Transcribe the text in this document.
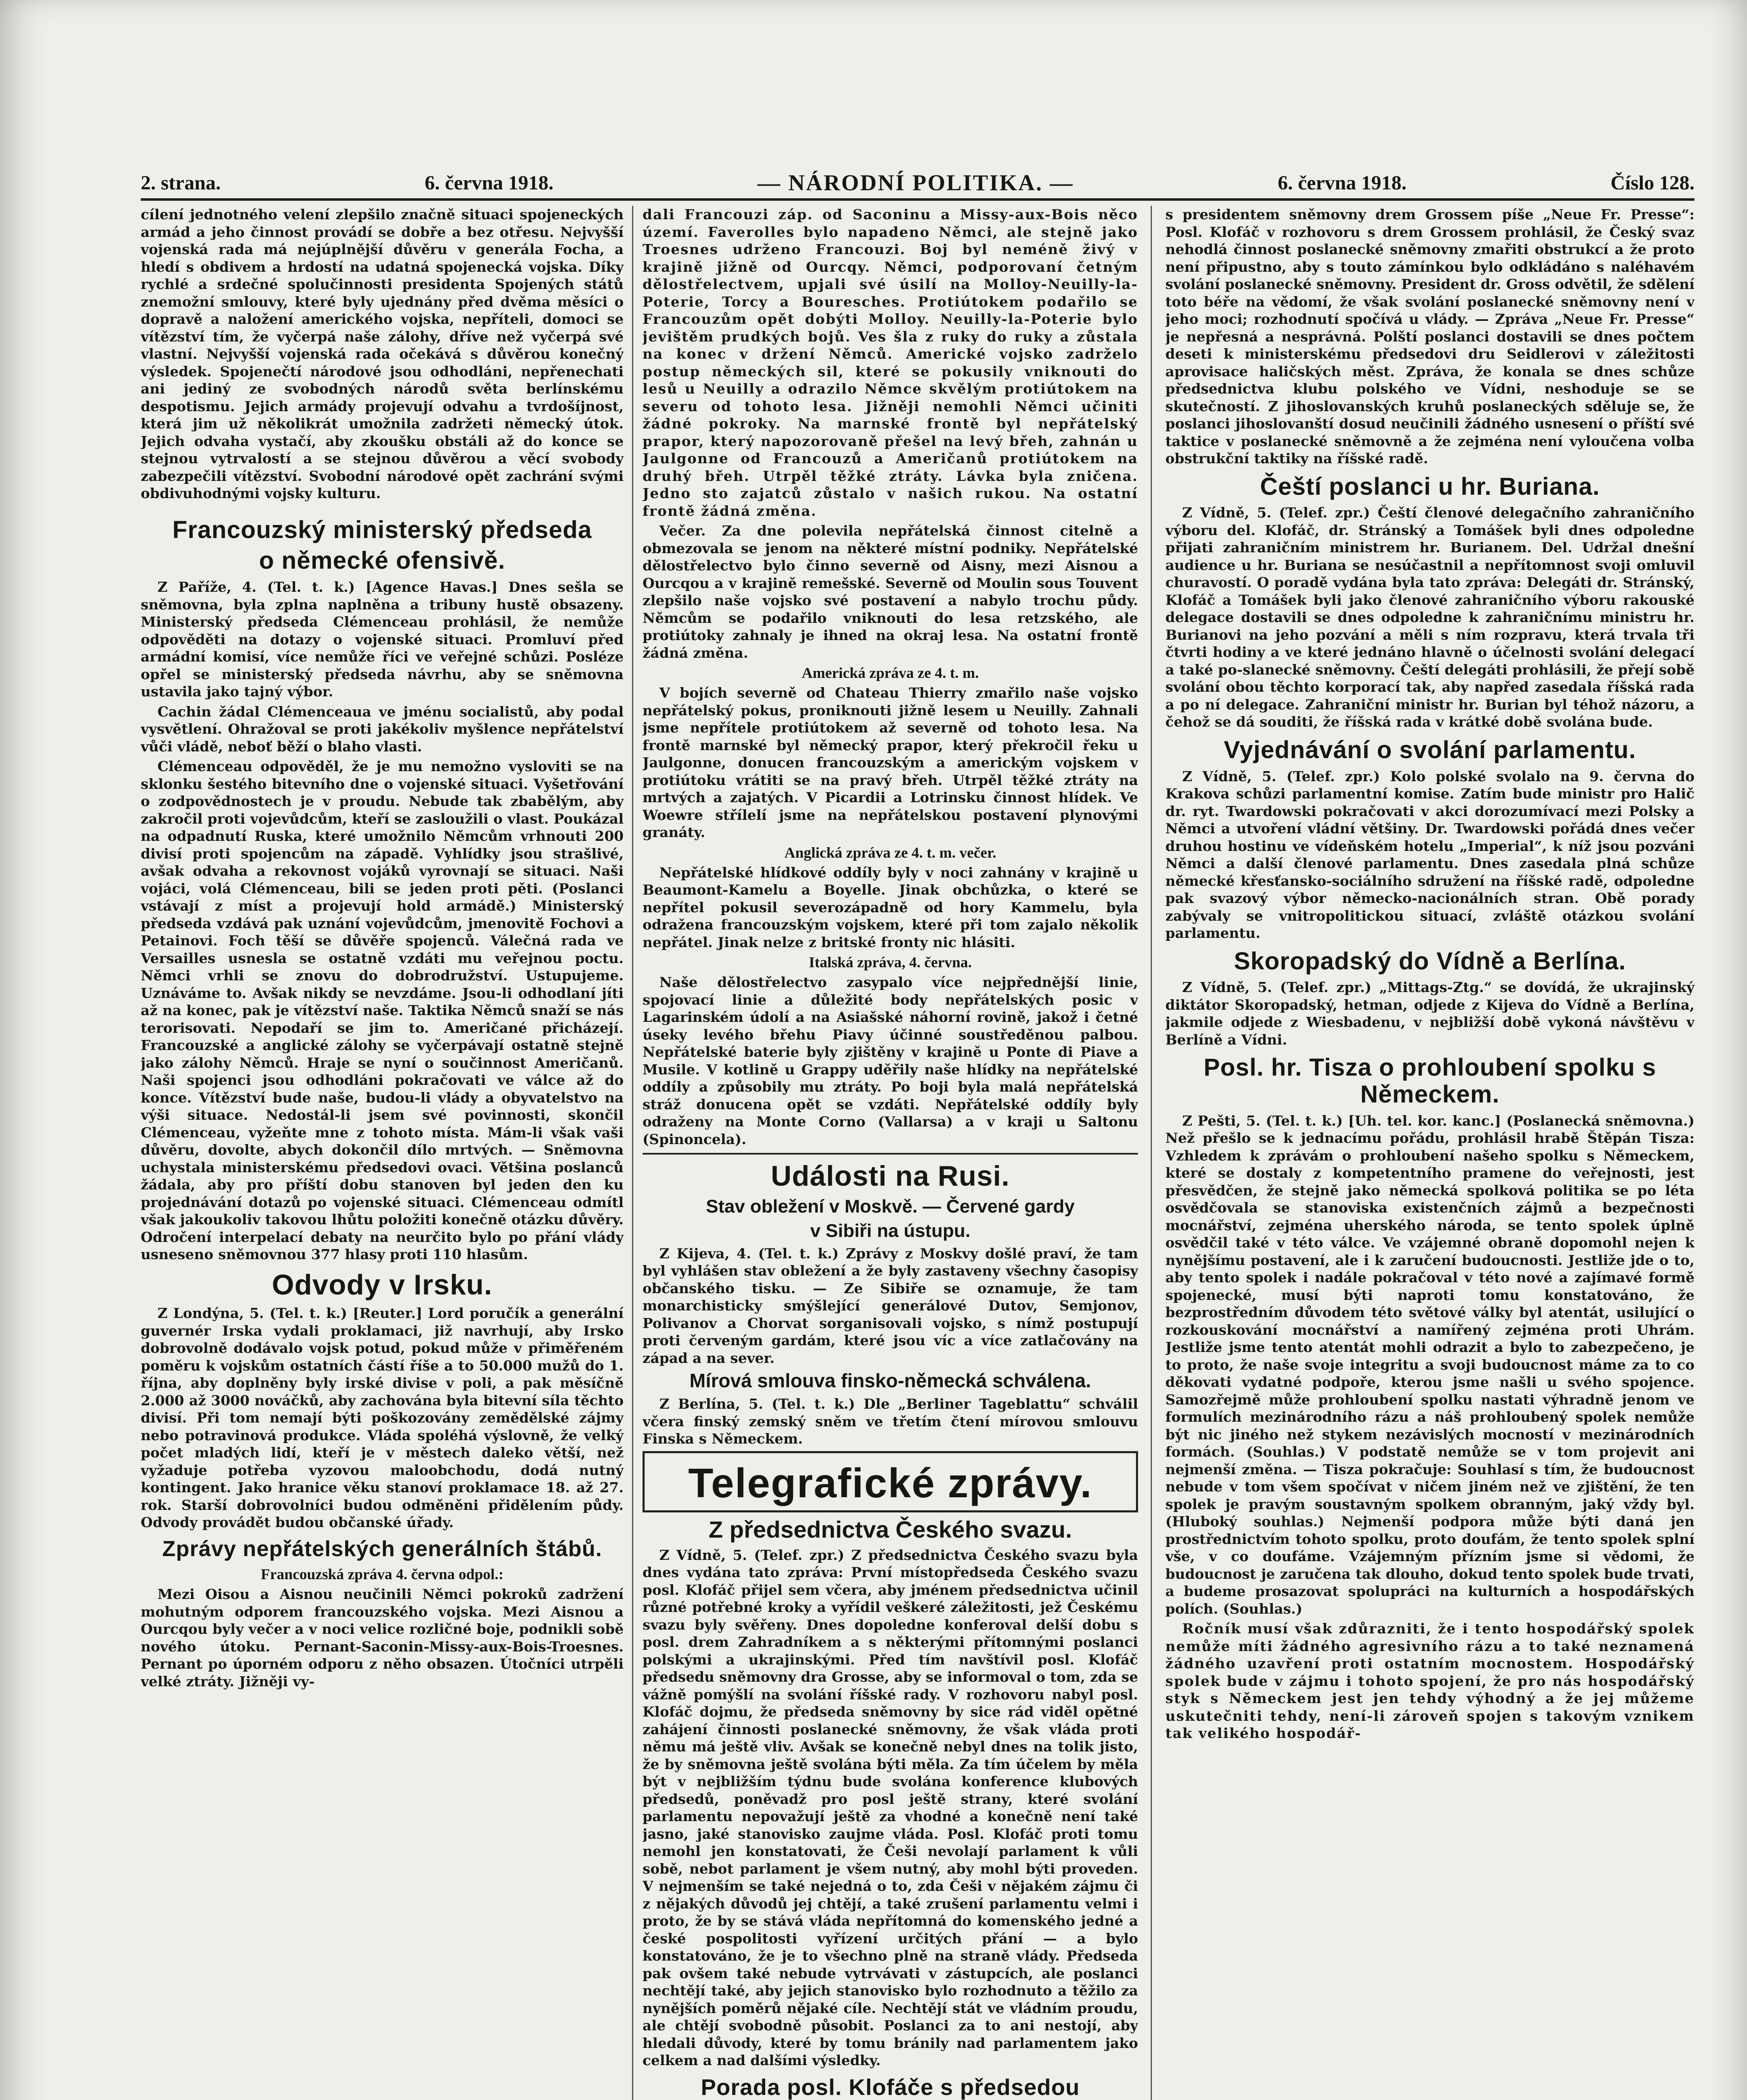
2. strana.	6. června 1918.	— NÁRODNÍ POLITIKA. —	6. června 1918.	Číslo 128.

cílení jednotného velení zlepšilo značně situaci spojeneckých armád a jeho činnost provádí se dobře a bez otřesu. Nejvyšší vojenská rada má nejúplnější důvěru v generála Focha, a hledí s obdivem a hrdostí na udatná spojenecká vojska. Díky rychlé a srdečné spolučinnosti presidenta Spojených států znemožní smlouvy, které byly ujednány před dvěma měsíci o dopravě a naložení amerického vojska, nepříteli, domoci se vítězství tím, že vyčerpá naše zálohy, dříve než vyčerpá své vlastní. Nejvyšší vojenská rada očekává s důvěrou konečný výsledek. Spojenečtí národové jsou odhodláni, nepřenechati ani jediný ze svobodných národů světa berlínskému despotismu. Jejich armády projevují odvahu a tvrdošíjnost, která jim už několikrát umožnila zadržeti německý útok. Jejich odvaha vystačí, aby zkoušku obstáli až do konce se stejnou vytrvalostí a se stejnou důvěrou a věcí svobody zabezpečili vítězství. Svobodní národové opět zachrání svými obdivuhodnými vojsky kulturu.

Francouzský ministerský předseda
o německé ofensivě.

Z Paříže, 4. (Tel. t. k.) [Agence Havas.] Dnes sešla se sněmovna, byla zplna naplněna a tribuny hustě obsazeny. Ministerský předseda Clémenceau prohlásil, že nemůže odpověděti na dotazy o vojenské situaci. Promluví před armádní komisí, více nemůže říci ve veřejné schůzi. Posléze opřel se ministerský předseda návrhu, aby se sněmovna ustavila jako tajný výbor.

Cachin žádal Clémenceaua ve jménu socialistů, aby podal vysvětlení. Ohražoval se proti jakékoliv myšlence nepřátelství vůči vládě, neboť běží o blaho vlasti.

Clémenceau odpověděl, že je mu nemožno vysloviti se na sklonku šestého bitevního dne o vojenské situaci. Vyšetřování o zodpovědnostech je v proudu. Nebude tak zbabělým, aby zakročil proti vojevůdcům, kteří se zasloužili o vlast. Poukázal na odpadnutí Ruska, které umožnilo Němcům vrhnouti 200 divisí proti spojencům na západě. Vyhlídky jsou strašlivé, avšak odvaha a rekovnost vojáků vyrovnají se situaci. Naši vojáci, volá Clémenceau, bili se jeden proti pěti. (Poslanci vstávají z míst a projevují hold armádě.) Ministerský předseda vzdává pak uznání vojevůdcům, jmenovitě Fochovi a Petainovi. Foch těší se důvěře spojenců. Válečná rada ve Versailles usnesla se ostatně vzdáti mu veřejnou poctu. Němci vrhli se znovu do dobrodružství. Ustupujeme. Uznáváme to. Avšak nikdy se nevzdáme. Jsou-li odhodlaní jíti až na konec, pak je vítězství naše. Taktika Němců snaží se nás terorisovati. Nepodaří se jim to. Američané přicházejí. Francouzské a anglické zálohy se vyčerpávají ostatně stejně jako zálohy Němců. Hraje se nyní o součinnost Američanů. Naši spojenci jsou odhodláni pokračovati ve válce až do konce. Vítězství bude naše, budou-li vlády a obyvatelstvo na výši situace. Nedostál-li jsem své povinnosti, skončil Clémenceau, vyžeňte mne z tohoto místa. Mám-li však vaši důvěru, dovolte, abych dokončil dílo mrtvých. — Sněmovna uchystala ministerskému předsedovi ovaci. Většina poslanců žádala, aby pro příští dobu stanoven byl jeden den ku projednávání dotazů po vojenské situaci. Clémenceau odmítl však jakoukoliv takovou lhůtu položiti konečně otázku důvěry. Odročení interpelací debaty na neurčito bylo po přání vlády usneseno sněmovnou 377 hlasy proti 110 hlasům.

Odvody v Irsku.

Z Londýna, 5. (Tel. t. k.) [Reuter.] Lord poručík a generální guvernér Irska vydali proklamaci, již navrhují, aby Irsko dobrovolně dodávalo vojsk potud, pokud může v přiměřeném poměru k vojskům ostatních částí říše a to 50.000 mužů do 1. října, aby doplněny byly irské divise v poli, a pak měsíčně 2.000 až 3000 nováčků, aby zachována byla bitevní síla těchto divisí. Při tom nemají býti poškozovány zemědělské zájmy nebo potravinová produkce. Vláda spoléhá výslovně, že velký počet mladých lidí, kteří je v městech daleko větší, než vyžaduje potřeba vyzovou maloobchodu, dodá nutný kontingent. Jako hranice věku stanoví proklamace 18. až 27. rok. Starší dobrovolníci budou odměněni přidělením půdy. Odvody provádět budou občanské úřady.

Zprávy nepřátelských generálních štábů.
Francouzská zpráva 4. června odpol.:

Mezi Oisou a Aisnou neučinili Němci pokroků zadržení mohutným odporem francouzského vojska. Mezi Aisnou a Ourcqou byly večer a v noci velice rozličné boje, podnikli sobě nového útoku. Pernant-Saconin-Missy-aux-Bois-Troesnes. Pernant po úporném odporu z něho obsazen. Útočníci utrpěli velké ztráty. Jižněji vy-

dali Francouzi záp. od Saconinu a Missy-aux-Bois něco území. Faverolles bylo napadeno Němci, ale stejně jako Troesnes udrženo Francouzi. Boj byl neméně živý v krajině jižně od Ourcqy. Němci, podporovaní četným dělostřelectvem, upjali své úsilí na Molloy-Neuilly-la-Poterie, Torcy a Bouresches. Protiútokem podařilo se Francouzům opět dobýti Molloy. Neuilly-la-Poterie bylo jevištěm prudkých bojů. Ves šla z ruky do ruky a zůstala na konec v držení Němců. Americké vojsko zadrželo postup německých sil, které se pokusily vniknouti do lesů u Neuilly a odrazilo Němce skvělým protiútokem na severu od tohoto lesa. Jižněji nemohli Němci učiniti žádné pokroky. Na marnské frontě byl nepřátelský prapor, který napozorovaně přešel na levý břeh, zahnán u Jaulgonne od Francouzů a Američanů protiútokem na druhý břeh. Utrpěl těžké ztráty. Lávka byla zničena. Jedno sto zajatců zůstalo v našich rukou. Na ostatní frontě žádná změna.

Večer. Za dne polevila nepřátelská činnost citelně a obmezovala se jenom na některé místní podniky. Nepřátelské dělostřelectvo bylo činno severně od Aisny, mezi Aisnou a Ourcqou a v krajině remešské. Severně od Moulin sous Touvent zlepšilo naše vojsko své postavení a nabylo trochu půdy. Němcům se podařilo vniknouti do lesa retzského, ale protiútoky zahnaly je ihned na okraj lesa. Na ostatní frontě žádná změna.

Americká zpráva ze 4. t. m.

V bojích severně od Chateau Thierry zmařilo naše vojsko nepřátelský pokus, proniknouti jižně lesem u Neuilly. Zahnali jsme nepřítele protiútokem až severně od tohoto lesa. Na frontě marnské byl německý prapor, který překročil řeku u Jaulgonne, donucen francouzským a americkým vojskem v protiútoku vrátiti se na pravý břeh. Utrpěl těžké ztráty na mrtvých a zajatých. V Picardii a Lotrinsku činnost hlídek. Ve Woewre střílelí jsme na nepřátelskou postavení plynovými granáty.

Anglická zpráva ze 4. t. m. večer.

Nepřátelské hlídkové oddíly byly v noci zahnány v krajině u Beaumont-Kamelu a Boyelle. Jinak obchůzka, o které se nepřítel pokusil severozápadně od hory Kammelu, byla odražena francouzským vojskem, které při tom zajalo několik nepřátel. Jinak nelze z britské fronty nic hlásiti.

Italská zpráva, 4. června.

Naše dělostřelectvo zasypalo více nejpřednější linie, spojovací linie a důležité body nepřátelských posic v Lagarinském údolí a na Asiašské náhorní rovině, jakož i četné úseky levého břehu Piavy účinné soustředěnou palbou. Nepřátelské baterie byly zjištěny v krajině u Ponte di Piave a Musile. V kotlině u Grappy uděřily naše hlídky na nepřátelské oddíly a způsobily mu ztráty. Po boji byla malá nepřátelská stráž donucena opět se vzdáti. Nepřátelské oddíly byly odraženy na Monte Corno (Vallarsa) a v kraji u Saltonu (Spinoncela).

Události na Rusi.
Stav obležení v Moskvě. — Červené gardy
v Sibiři na ústupu.

Z Kijeva, 4. (Tel. t. k.) Zprávy z Moskvy došlé praví, že tam byl vyhlášen stav obležení a že byly zastaveny všechny časopisy občanského tisku. — Ze Sibiře se oznamuje, že tam monarchisticky smýšlející generálové Dutov, Semjonov, Polivanov a Chorvat sorganisovali vojsko, s nímž postupují proti červeným gardám, které jsou víc a více zatlačovány na západ a na sever.

Mírová smlouva finsko-německá schválena.

Z Berlína, 5. (Tel. t. k.) Dle „Berliner Tageblattu“ schválil včera finský zemský sněm ve třetím čtení mírovou smlouvu Finska s Německem.

Telegrafické zprávy.
Z předsednictva Českého svazu.

Z Vídně, 5. (Telef. zpr.) Z předsednictva Českého svazu byla dnes vydána tato zpráva: První místopředseda Českého svazu posl. Klofáč přijel sem včera, aby jménem předsednictva učinil různé potřebné kroky a vyřídil veškeré záležitosti, jež Českému svazu byly svěřeny. Dnes dopoledne konferoval delší dobu s posl. drem Zahradníkem a s některými přítomnými poslanci polskými a ukrajinskými. Před tím navštívil posl. Klofáč předsedu sněmovny dra Grosse, aby se informoval o tom, zda se vážně pomýšlí na svolání říšské rady. V rozhovoru nabyl posl. Klofáč dojmu, že předseda sněmovny by sice rád viděl opětné zahájení činnosti poslanecké sněmovny, že však vláda proti němu má ještě vliv. Avšak se konečně nebyl dnes na tolik jisto, že by sněmovna ještě svolána býti měla. Za tím účelem by měla být v nejbližším týdnu bude svolána konference klubových předsedů, poněvadž pro posl ještě strany, které svolání parlamentu nepovažují ještě za vhodné a konečně není také jasno, jaké stanovisko zaujme vláda. Posl. Klofáč proti tomu nemohl jen konstatovati, že Češi nevolají parlament k vůli sobě, nebot parlament je všem nutný, aby mohl býti proveden. V nejmenším se také nejedná o to, zda Češi v nějakém zájmu či z nějakých důvodů jej chtějí, a také zrušení parlamentu velmi i proto, že by se stává vláda nepřítomná do komenského jedné a české pospolitosti vyřízení určitých přání — a bylo konstatováno, že je to všechno plně na straně vlády. Předseda pak ovšem také nebude vytrvávati v zástupcích, ale poslanci nechtějí také, aby jejich stanovisko bylo rozhodnuto a těžilo za nynějších poměrů nějaké cíle. Nechtějí stát ve vládním proudu, ale chtějí svobodně působit. Poslanci za to ani nestojí, aby hledali důvody, které by tomu bránily nad parlamentem jako celkem a nad dalšími výsledky.

Porada posl. Klofáče s předsedou

s presidentem sněmovny drem Grossem píše „Neue Fr. Presse“: Posl. Klofáč v rozhovoru s drem Grossem prohlásil, že Český svaz nehodlá činnost poslanecké sněmovny zmařiti obstrukcí a že proto není připustno, aby s touto zámínkou bylo odkládáno s naléhavém svolání poslanecké sněmovny. President dr. Gross odvětil, že sdělení toto béře na vědomí, že však svolání poslanecké sněmovny není v jeho moci; rozhodnutí spočívá u vlády. — Zpráva „Neue Fr. Presse“ je nepřesná a nesprávná. Polští poslanci dostavili se dnes počtem deseti k ministerskému předsedovi dru Seidlerovi v záležitosti aprovisace haličských měst. Zpráva, že konala se dnes schůze předsednictva klubu polského ve Vídni, neshoduje se se skutečností. Z jihoslovanských kruhů poslaneckých sděluje se, že poslanci jihoslovanští dosud neučinili žádného usnesení o příští své taktice v poslanecké sněmovně a že zejména není vyloučena volba obstrukční taktiky na říšské radě.

Čeští poslanci u hr. Buriana.

Z Vídně, 5. (Telef. zpr.) Čeští členové delegačního zahraničního výboru del. Klofáč, dr. Stránský a Tomášek byli dnes odpoledne přijati zahraničním ministrem hr. Burianem. Del. Udržal dnešní audience u hr. Buriana se nesúčastnil a nepřítomnost svoji omluvil churavostí. O poradě vydána byla tato zpráva: Delegáti dr. Stránský, Klofáč a Tomášek byli jako členové zahraničního výboru rakouské delegace dostavili se dnes odpoledne k zahraničnímu ministru hr. Burianovi na jeho pozvání a měli s ním rozpravu, která trvala tři čtvrti hodiny a ve které jednáno hlavně o účelnosti svolání delegací a také po-slanecké sněmovny. Čeští delegáti prohlásili, že přejí sobě svolání obou těchto korporací tak, aby napřed zasedala říšská rada a po ní delegace. Zahraniční ministr hr. Burian byl téhož názoru, a čehož se dá souditi, že říšská rada v krátké době svolána bude.

Vyjednávání o svolání parlamentu.

Z Vídně, 5. (Telef. zpr.) Kolo polské svolalo na 9. června do Krakova schůzi parlamentní komise. Zatím bude ministr pro Halič dr. ryt. Twardowski pokračovati v akci dorozumívací mezi Polsky a Němci a utvoření vládní většiny. Dr. Twardowski pořádá dnes večer druhou hostinu ve vídeňském hotelu „Imperial“, k níž jsou pozváni Němci a další členové parlamentu. Dnes zasedala plná schůze německé křesťansko-sociálního sdružení na říšské radě, odpoledne pak svazový výbor německo-nacionálních stran. Obě porady zabývaly se vnitropolitickou situací, zvláště otázkou svolání parlamentu.

Skoropadský do Vídně a Berlína.

Z Vídně, 5. (Telef. zpr.) „Mittags-Ztg.“ se dovídá, že ukrajinský diktátor Skoropadský, hetman, odjede z Kijeva do Vídně a Berlína, jakmile odjede z Wiesbadenu, v nejbližší době vykoná návštěvu v Berlíně a Vídni.

Posl. hr. Tisza o prohloubení spolku s Německem.

Z Pešti, 5. (Tel. t. k.) [Uh. tel. kor. kanc.] (Poslanecká sněmovna.) Než přešlo se k jednacímu pořádu, prohlásil hrabě Štěpán Tisza: Vzhledem k zprávám o prohloubení našeho spolku s Německem, které se dostaly z kompetentního pramene do veřejnosti, jest přesvědčen, že stejně jako německá spolková politika se po léta osvědčovala se stanoviska existenčních zájmů a bezpečnosti mocnářství, zejména uherského národa, se tento spolek úplně osvědčil také v této válce. Ve vzájemné obraně dopomohl nejen k nynějšímu postavení, ale i k zaručení budoucnosti. Jestliže jde o to, aby tento spolek i nadále pokračoval v této nové a zajímavé formě spojenecké, musí býti naproti tomu konstatováno, že bezprostředním důvodem této světové války byl atentát, usilující o rozkouskování mocnářství a namířený zejména proti Uhrám. Jestliže jsme tento atentát mohli odrazit a bylo to zabezpečeno, je to proto, že naše svoje integritu a svoji budoucnost máme za to co děkovati vydatné podpoře, kterou jsme našli u svého spojence. Samozřejmě může prohloubení spolku nastati výhradně jenom ve formulích mezinárodního rázu a náš prohloubený spolek nemůže být nic jiného než stykem nezávislých mocností v mezinárodních formách. (Souhlas.) V podstatě nemůže se v tom projevit ani nejmenší změna. — Tisza pokračuje: Souhlasí s tím, že budoucnost nebude v tom všem spočívat v ničem jiném než ve zjištění, že ten spolek je pravým soustavným spolkem obranným, jaký vždy byl. (Hluboký souhlas.) Nejmenší podpora může býti daná jen prostřednictvím tohoto spolku, proto doufám, že tento spolek splní vše, v co doufáme. Vzájemným přízním jsme si vědomi, že budoucnost je zaručena tak dlouho, dokud tento spolek bude trvati, a budeme prosazovat spolupráci na kulturních a hospodářských polích. (Souhlas.)

Ročník musí však zdůrazniti, že i tento hospodářský spolek nemůže míti žádného agresivního rázu a to také neznamená žádného uzavření proti ostatním mocnostem. Hospodářský spolek bude v zájmu i tohoto spojení, že pro nás hospodářský styk s Německem jest jen tehdy výhodný a že jej můžeme uskutečniti tehdy, není-li zároveň spojen s takovým vznikem tak velikého hospodář-
